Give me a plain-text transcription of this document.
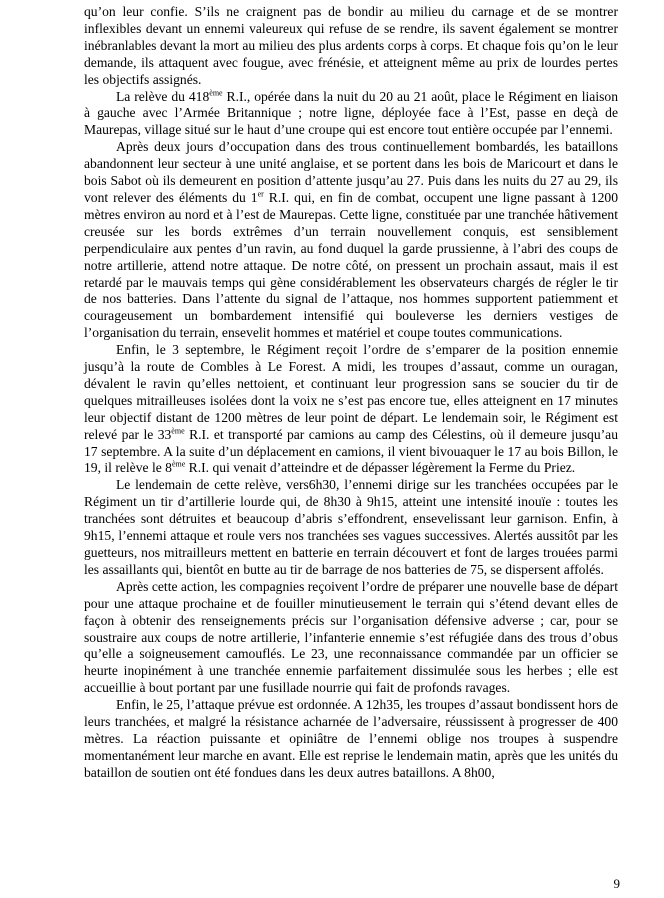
qu’on leur confie. S’ils ne craignent pas de bondir au milieu du carnage et de se montrer inflexibles devant un ennemi valeureux qui refuse de se rendre, ils savent également se montrer inébranlables devant la mort au milieu des plus ardents corps à corps. Et chaque fois qu’on le leur demande, ils attaquent avec fougue, avec frénésie, et atteignent même au prix de lourdes pertes les objectifs assignés.

La relève du 418ème R.I., opérée dans la nuit du 20 au 21 août, place le Régiment en liaison à gauche avec l’Armée Britannique ; notre ligne, déployée face à l’Est, passe en deçà de Maurepas, village situé sur le haut d’une croupe qui est encore tout entière occupée par l’ennemi.

Après deux jours d’occupation dans des trous continuellement bombardés, les bataillons abandonnent leur secteur à une unité anglaise, et se portent dans les bois de Maricourt et dans le bois Sabot où ils demeurent en position d’attente jusqu’au 27. Puis dans les nuits du 27 au 29, ils vont relever des éléments du 1er R.I. qui, en fin de combat, occupent une ligne passant à 1200 mètres environ au nord et à l’est de Maurepas. Cette ligne, constituée par une tranchée hâtivement creusée sur les bords extrêmes d’un terrain nouvellement conquis, est sensiblement perpendiculaire aux pentes d’un ravin, au fond duquel la garde prussienne, à l’abri des coups de notre artillerie, attend notre attaque. De notre côté, on pressent un prochain assaut, mais il est retardé par le mauvais temps qui gène considérablement les observateurs chargés de régler le tir de nos batteries. Dans l’attente du signal de l’attaque, nos hommes supportent patiemment et courageusement un bombardement intensifié qui bouleverse les derniers vestiges de l’organisation du terrain, ensevelit hommes et matériel et coupe toutes communications.

Enfin, le 3 septembre, le Régiment reçoit l’ordre de s’emparer de la position ennemie jusqu’à la route de Combles à Le Forest. A midi, les troupes d’assaut, comme un ouragan, dévalent le ravin qu’elles nettoient, et continuant leur progression sans se soucier du tir de quelques mitrailleuses isolées dont la voix ne s’est pas encore tue, elles atteignent en 17 minutes leur objectif distant de 1200 mètres de leur point de départ. Le lendemain soir, le Régiment est relevé par le 33ème R.I. et transporté par camions au camp des Célestins, où il demeure jusqu’au 17 septembre. A la suite d’un déplacement en camions, il vient bivouaquer le 17 au bois Billon, le 19, il relève le 8ème R.I. qui venait d’atteindre et de dépasser légèrement la Ferme du Priez.

Le lendemain de cette relève, vers6h30, l’ennemi dirige sur les tranchées occupées par le Régiment un tir d’artillerie lourde qui, de 8h30 à 9h15, atteint une intensité inouïe : toutes les tranchées sont détruites et beaucoup d’abris s’effondrent, ensevelissant leur garnison. Enfin, à 9h15, l’ennemi attaque et roule vers nos tranchées ses vagues successives. Alertés aussitôt par les guetteurs, nos mitrailleurs mettent en batterie en terrain découvert et font de larges trouées parmi les assaillants qui, bientôt en butte au tir de barrage de nos batteries de 75, se dispersent affolés.

Après cette action, les compagnies reçoivent l’ordre de préparer une nouvelle base de départ pour une attaque prochaine et de fouiller minutieusement le terrain qui s’étend devant elles de façon à obtenir des renseignements précis sur l’organisation défensive adverse ; car, pour se soustraire aux coups de notre artillerie, l’infanterie ennemie s’est réfugiée dans des trous d’obus qu’elle a soigneusement camouflés. Le 23, une reconnaissance commandée par un officier se heurte inopinément à une tranchée ennemie parfaitement dissimulée sous les herbes ; elle est accueillie à bout portant par une fusillade nourrie qui fait de profonds ravages.

Enfin, le 25, l’attaque prévue est ordonnée. A 12h35, les troupes d’assaut bondissent hors de leurs tranchées, et malgré la résistance acharnée de l’adversaire, réussissent à progresser de 400 mètres. La réaction puissante et opiniâtre de l’ennemi oblige nos troupes à suspendre momentanément leur marche en avant. Elle est reprise le lendemain matin, après que les unités du bataillon de soutien ont été fondues dans les deux autres bataillons. A 8h00,

9
